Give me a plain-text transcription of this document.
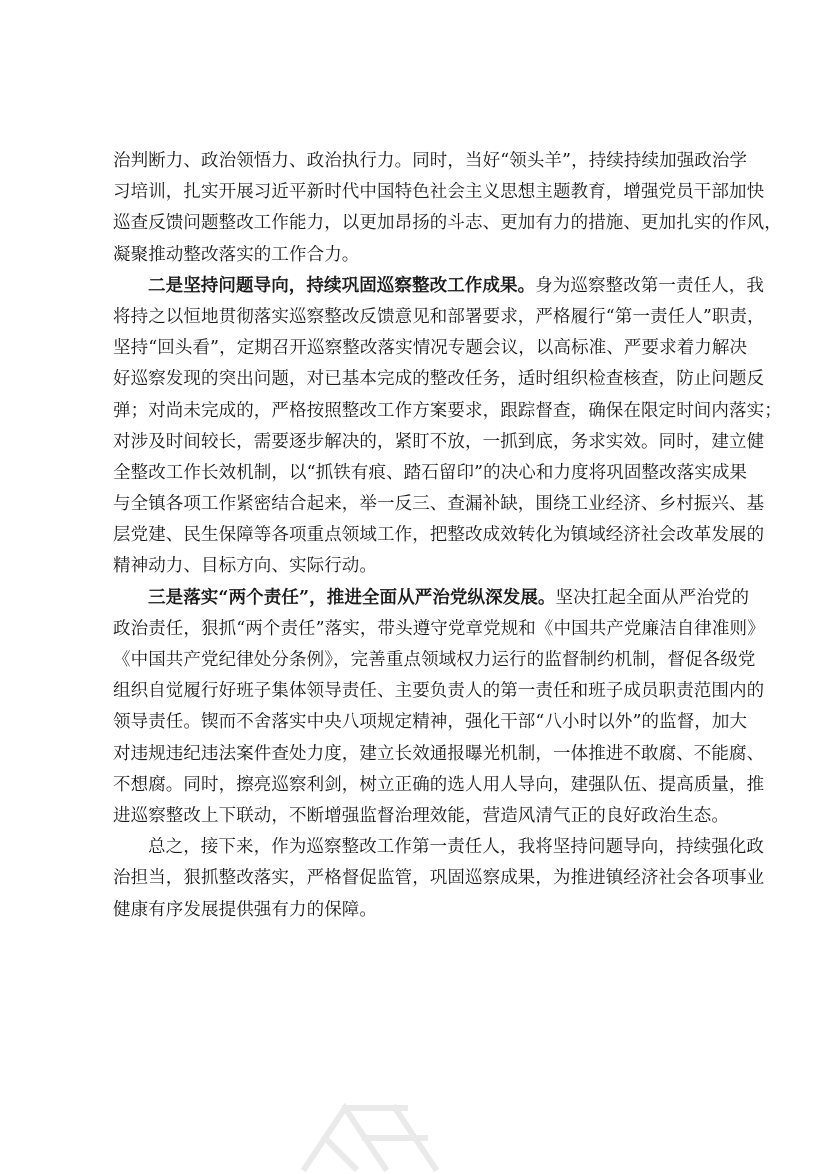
治判断力、政治领悟力、政治执行力。同时，当好“领头羊”，持续持续加强政治学
习培训，扎实开展习近平新时代中国特色社会主义思想主题教育，增强党员干部加快
巡查反馈问题整改工作能力，以更加昂扬的斗志、更加有力的措施、更加扎实的作风，
凝聚推动整改落实的工作合力。
二是坚持问题导向，持续巩固巡察整改工作成果。身为巡察整改第一责任人，我
将持之以恒地贯彻落实巡察整改反馈意见和部署要求，严格履行“第一责任人”职责，
坚持“回头看”，定期召开巡察整改落实情况专题会议，以高标准、严要求着力解决
好巡察发现的突出问题，对已基本完成的整改任务，适时组织检查核查，防止问题反
弹；对尚未完成的，严格按照整改工作方案要求，跟踪督查，确保在限定时间内落实；
对涉及时间较长，需要逐步解决的，紧盯不放，一抓到底，务求实效。同时，建立健
全整改工作长效机制，以“抓铁有痕、踏石留印”的决心和力度将巩固整改落实成果
与全镇各项工作紧密结合起来，举一反三、查漏补缺，围绕工业经济、乡村振兴、基
层党建、民生保障等各项重点领域工作，把整改成效转化为镇域经济社会改革发展的
精神动力、目标方向、实际行动。
三是落实“两个责任”，推进全面从严治党纵深发展。坚决扛起全面从严治党的
政治责任，狠抓“两个责任”落实，带头遵守党章党规和《中国共产党廉洁自律准则》
《中国共产党纪律处分条例》，完善重点领域权力运行的监督制约机制，督促各级党
组织自觉履行好班子集体领导责任、主要负责人的第一责任和班子成员职责范围内的
领导责任。锲而不舍落实中央八项规定精神，强化干部“八小时以外”的监督，加大
对违规违纪违法案件查处力度，建立长效通报曝光机制，一体推进不敢腐、不能腐、
不想腐。同时，擦亮巡察利剑，树立正确的选人用人导向，建强队伍、提高质量，推
进巡察整改上下联动，不断增强监督治理效能，营造风清气正的良好政治生态。
总之，接下来，作为巡察整改工作第一责任人，我将坚持问题导向，持续强化政
治担当，狠抓整改落实，严格督促监管，巩固巡察成果，为推进镇经济社会各项事业
健康有序发展提供强有力的保障。
